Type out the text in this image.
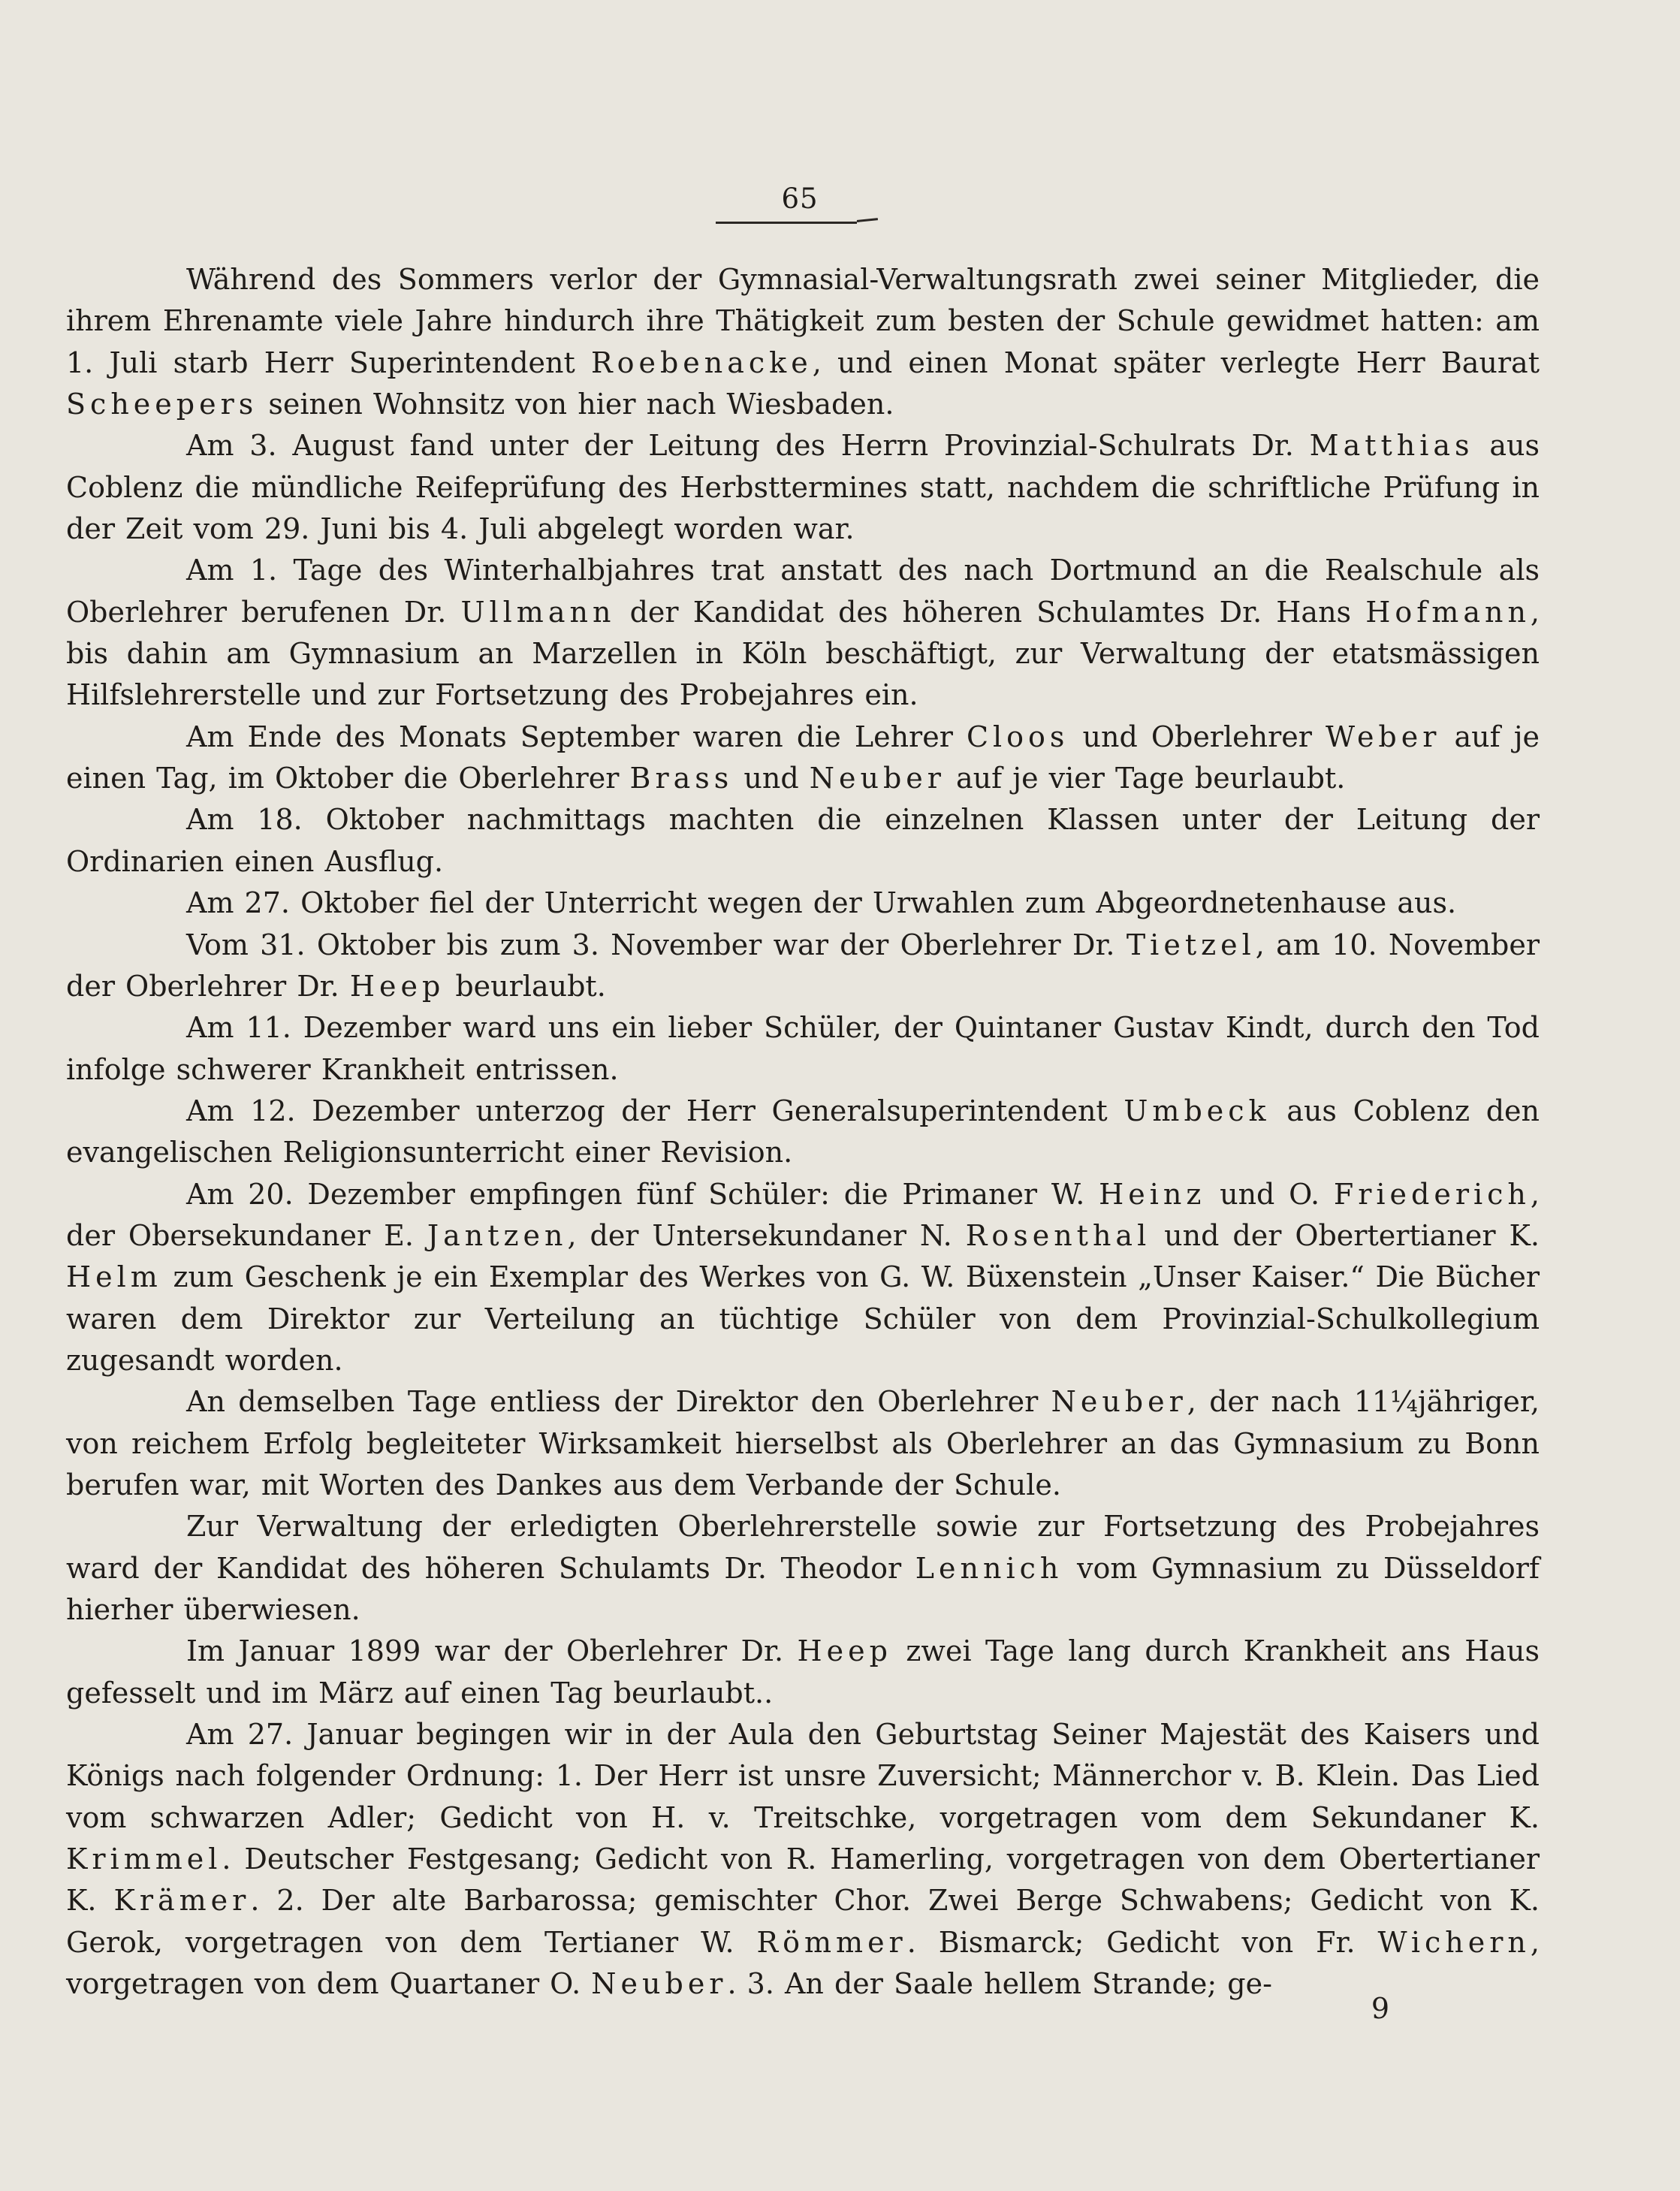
65

Während des Sommers verlor der Gymnasial-Verwaltungsrath zwei seiner Mitglieder, die ihrem Ehrenamte viele Jahre hindurch ihre Thätigkeit zum besten der Schule gewidmet hatten: am 1. Juli starb Herr Superintendent Roebenacke, und einen Monat später verlegte Herr Baurat Scheepers seinen Wohnsitz von hier nach Wiesbaden.

Am 3. August fand unter der Leitung des Herrn Provinzial-Schulrats Dr. Matthias aus Coblenz die mündliche Reifeprüfung des Herbsttermines statt, nachdem die schriftliche Prüfung in der Zeit vom 29. Juni bis 4. Juli abgelegt worden war.

Am 1. Tage des Winterhalbjahres trat anstatt des nach Dortmund an die Realschule als Oberlehrer berufenen Dr. Ullmann der Kandidat des höheren Schulamtes Dr. Hans Hofmann, bis dahin am Gymnasium an Marzellen in Köln beschäftigt, zur Verwaltung der etatsmässigen Hilfslehrerstelle und zur Fortsetzung des Probejahres ein.

Am Ende des Monats September waren die Lehrer Cloos und Oberlehrer Weber auf je einen Tag, im Oktober die Oberlehrer Brass und Neuber auf je vier Tage beurlaubt.

Am 18. Oktober nachmittags machten die einzelnen Klassen unter der Leitung der Ordinarien einen Ausflug.

Am 27. Oktober fiel der Unterricht wegen der Urwahlen zum Abgeordnetenhause aus.

Vom 31. Oktober bis zum 3. November war der Oberlehrer Dr. Tietzel, am 10. November der Oberlehrer Dr. Heep beurlaubt.

Am 11. Dezember ward uns ein lieber Schüler, der Quintaner Gustav Kindt, durch den Tod infolge schwerer Krankheit entrissen.

Am 12. Dezember unterzog der Herr Generalsuperintendent Umbeck aus Coblenz den evangelischen Religionsunterricht einer Revision.

Am 20. Dezember empfingen fünf Schüler: die Primaner W. Heinz und O. Friederich, der Obersekundaner E. Jantzen, der Untersekundaner N. Rosenthal und der Obertertianer K. Helm zum Geschenk je ein Exemplar des Werkes von G. W. Büxenstein „Unser Kaiser.“ Die Bücher waren dem Direktor zur Verteilung an tüchtige Schüler von dem Provinzial-Schulkollegium zugesandt worden.

An demselben Tage entliess der Direktor den Oberlehrer Neuber, der nach 11¼jähriger, von reichem Erfolg begleiteter Wirksamkeit hierselbst als Oberlehrer an das Gymnasium zu Bonn berufen war, mit Worten des Dankes aus dem Verbande der Schule.

Zur Verwaltung der erledigten Oberlehrerstelle sowie zur Fortsetzung des Probejahres ward der Kandidat des höheren Schulamts Dr. Theodor Lennich vom Gymnasium zu Düsseldorf hierher überwiesen.

Im Januar 1899 war der Oberlehrer Dr. Heep zwei Tage lang durch Krankheit ans Haus gefesselt und im März auf einen Tag beurlaubt..

Am 27. Januar begingen wir in der Aula den Geburtstag Seiner Majestät des Kaisers und Königs nach folgender Ordnung: 1. Der Herr ist unsre Zuversicht; Männerchor v. B. Klein. Das Lied vom schwarzen Adler; Gedicht von H. v. Treitschke, vorgetragen vom dem Sekundaner K. Krimmel. Deutscher Festgesang; Gedicht von R. Hamerling, vorgetragen von dem Obertertianer K. Krämer. 2. Der alte Barbarossa; gemischter Chor. Zwei Berge Schwabens; Gedicht von K. Gerok, vorgetragen von dem Tertianer W. Römmer. Bismarck; Gedicht von Fr. Wichern, vorgetragen von dem Quartaner O. Neuber. 3. An der Saale hellem Strande; ge-

9
